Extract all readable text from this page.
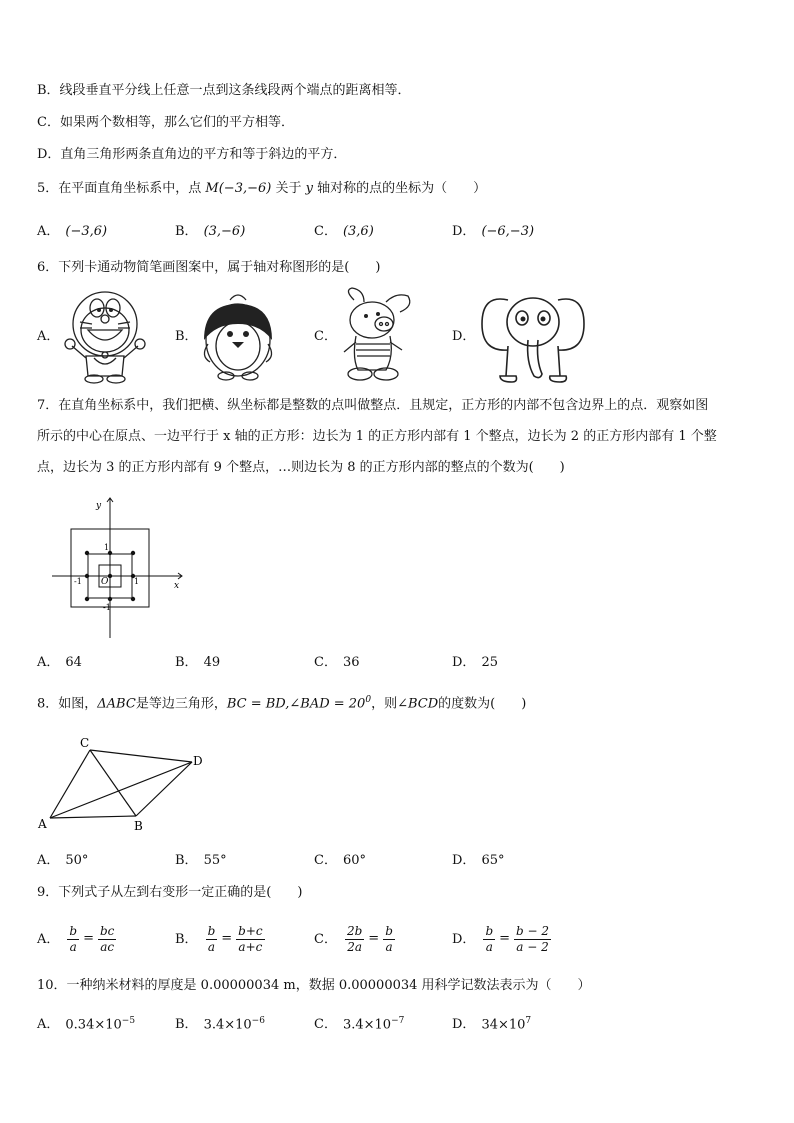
B．线段垂直平分线上任意一点到这条线段两个端点的距离相等．
C．如果两个数相等，那么它们的平方相等．
D．直角三角形两条直角边的平方和等于斜边的平方．
5．在平面直角坐标系中，点 M(−3,−6) 关于 y 轴对称的点的坐标为（　　）
A． (−3,6)	B． (3,−6)	C． (3,6)	D． (−6,−3)
6．下列卡通动物简笔画图案中，属于轴对称图形的是(　　)
A．	B．	C．	D．
7．在直角坐标系中，我们把横、纵坐标都是整数的点叫做整点．且规定，正方形的内部不包含边界上的点．观察如图
所示的中心在原点、一边平行于 x 轴的正方形：边长为 1 的正方形内部有 1 个整点，边长为 2 的正方形内部有 1 个整
点，边长为 3 的正方形内部有 9 个整点，…则边长为 8 的正方形内部的整点的个数为(　　)
y
x
O	1
-1
1
-1
A． 64	B． 49	C． 36	D． 25
8．如图，ΔABC是等边三角形，BC = BD,∠BAD = $20^0$，则∠BCD的度数为(　　)
C
D
A	B
A． 50°	B． 55°	C． 60°	D． 65°
9．下列式子从左到右变形一定正确的是(　　)
A． $\frac{b}{a} = \frac{bc}{ac}$	B． $\frac{b}{a} = \frac{b+c}{a+c}$	C． $\frac{2b}{2a} = \frac{b}{a}$	D． $\frac{b}{a} = \frac{b - 2}{a - 2}$
10．一种纳米材料的厚度是 0.00000034 m，数据 0.00000034 用科学记数法表示为（　　）
A． $0.34\times 10^{-5}$	B． $3.4\times 10^{-6}$	C． $3.4\times 10^{-7}$	D． $34\times 10^7$
